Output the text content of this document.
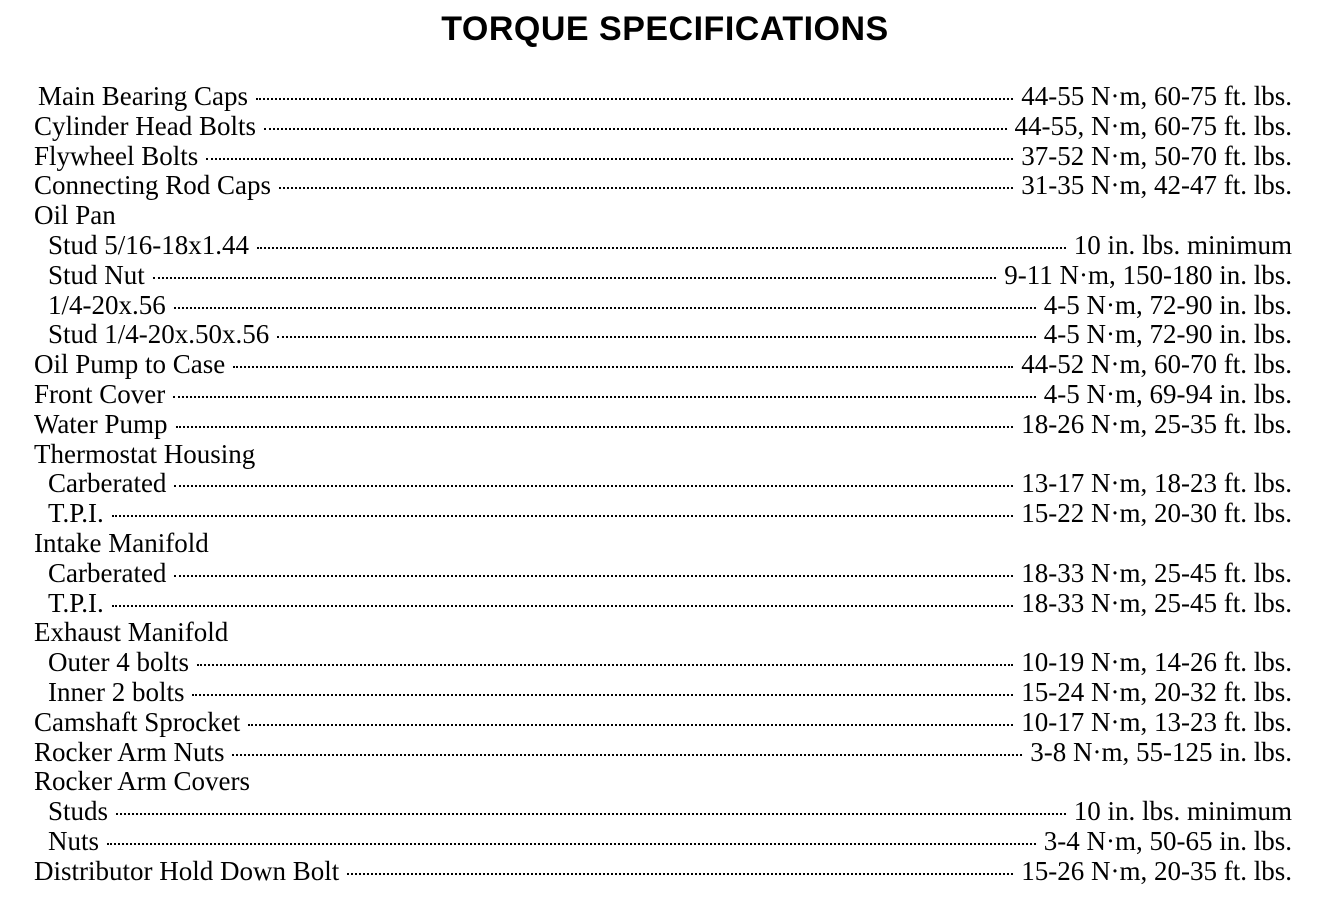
TORQUE SPECIFICATIONS
Main Bearing Caps	44-55 N·m, 60-75 ft. lbs.
Cylinder Head Bolts	44-55, N·m, 60-75 ft. lbs.
Flywheel Bolts	37-52 N·m, 50-70 ft. lbs.
Connecting Rod Caps	31-35 N·m, 42-47 ft. lbs.
Oil Pan
Stud 5/16-18x1.44	10 in. lbs. minimum
Stud Nut	9-11 N·m, 150-180 in. lbs.
1/4-20x.56	4-5 N·m, 72-90 in. lbs.
Stud 1/4-20x.50x.56	4-5 N·m, 72-90 in. lbs.
Oil Pump to Case	44-52 N·m, 60-70 ft. lbs.
Front Cover	4-5 N·m, 69-94 in. lbs.
Water Pump	18-26 N·m, 25-35 ft. lbs.
Thermostat Housing
Carberated	13-17 N·m, 18-23 ft. lbs.
T.P.I.	15-22 N·m, 20-30 ft. lbs.
Intake Manifold
Carberated	18-33 N·m, 25-45 ft. lbs.
T.P.I.	18-33 N·m, 25-45 ft. lbs.
Exhaust Manifold
Outer 4 bolts	10-19 N·m, 14-26 ft. lbs.
Inner 2 bolts	15-24 N·m, 20-32 ft. lbs.
Camshaft Sprocket	10-17 N·m, 13-23 ft. lbs.
Rocker Arm Nuts	3-8 N·m, 55-125 in. lbs.
Rocker Arm Covers
Studs	10 in. lbs. minimum
Nuts	3-4 N·m, 50-65 in. lbs.
Distributor Hold Down Bolt	15-26 N·m, 20-35 ft. lbs.
